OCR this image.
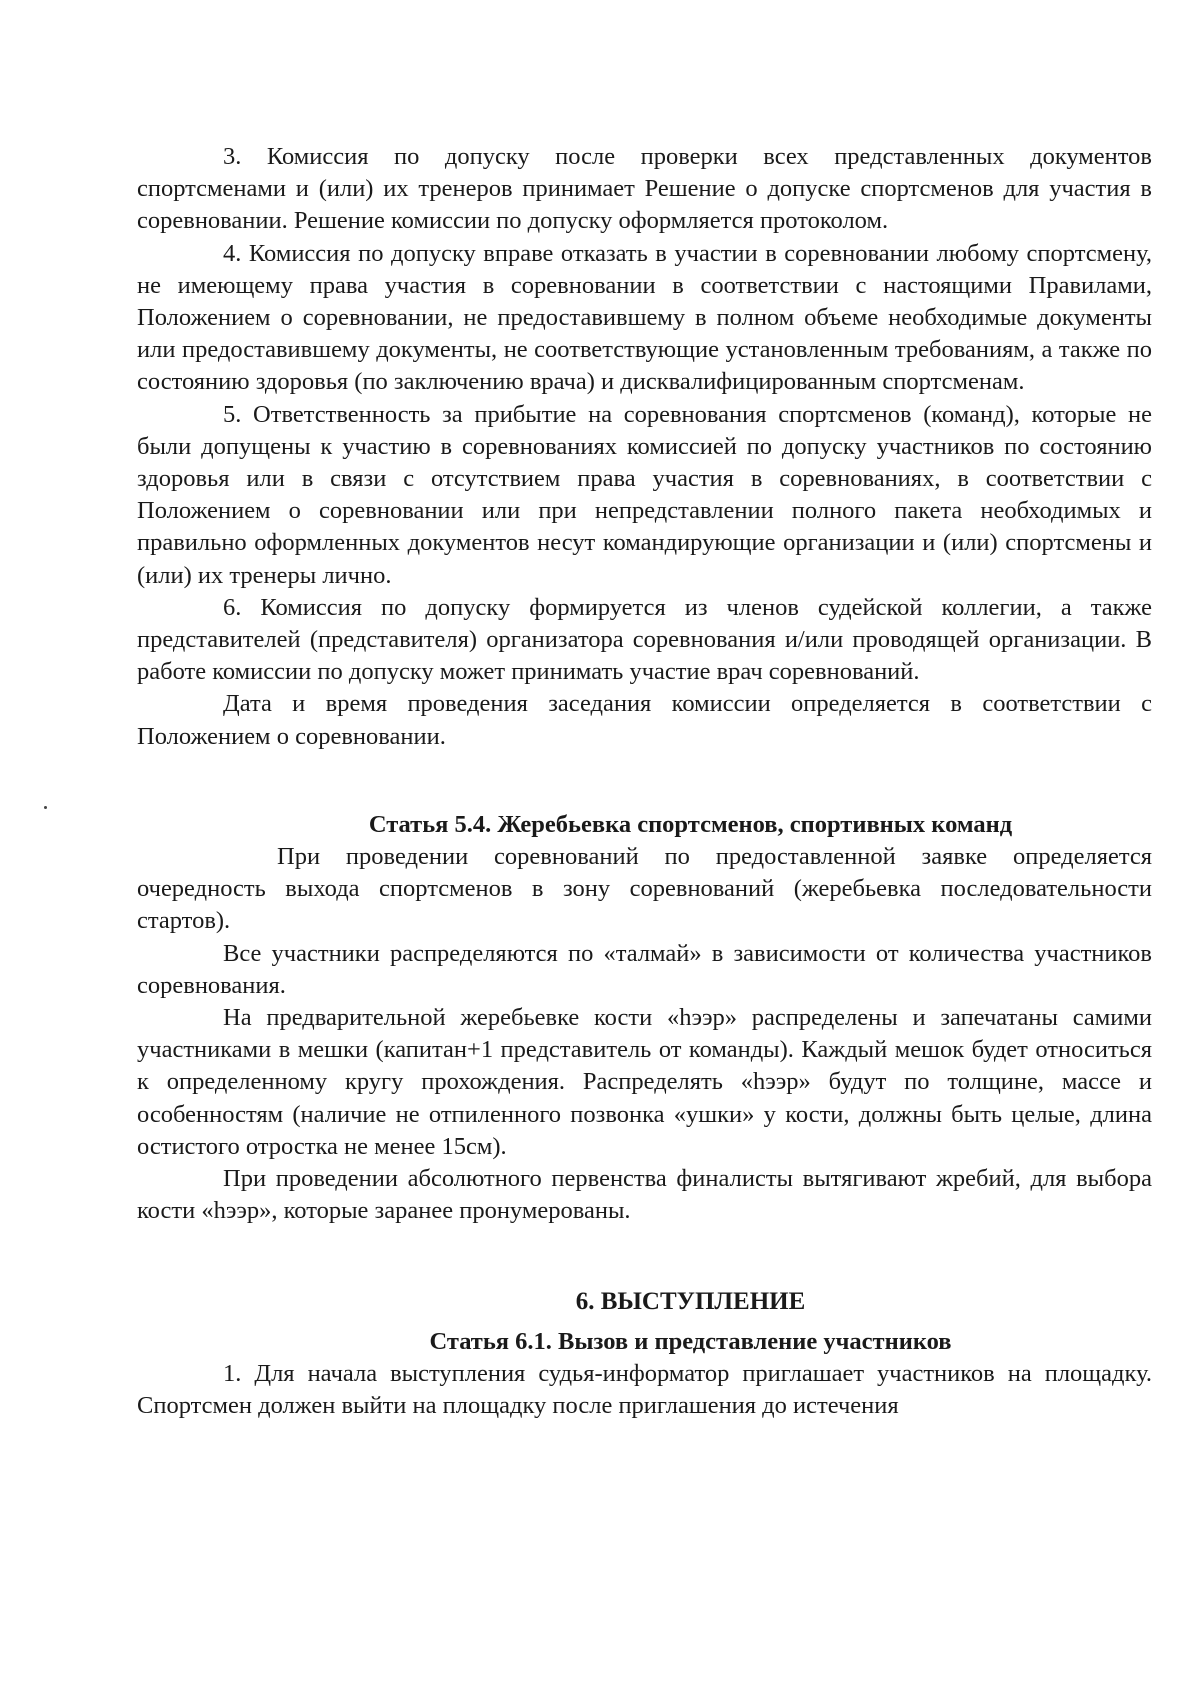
3. Комиссия по допуску после проверки всех представленных документов спортсменами и (или) их тренеров принимает Решение о допуске спортсменов для участия в соревновании. Решение комиссии по допуску оформляется протоколом.

4. Комиссия по допуску вправе отказать в участии в соревновании любому спортсмену, не имеющему права участия в соревновании в соответствии с настоящими Правилами, Положением о соревновании, не предоставившему в полном объеме необходимые документы или предоставившему документы, не соответствующие установленным требованиям, а также по состоянию здоровья (по заключению врача) и дисквалифицированным спортсменам.

5. Ответственность за прибытие на соревнования спортсменов (команд), которые не были допущены к участию в соревнованиях комиссией по допуску участников по состоянию здоровья или в связи с отсутствием права участия в соревнованиях, в соответствии с Положением о соревновании или при непредставлении полного пакета необходимых и правильно оформленных документов несут командирующие организации и (или) спортсмены и (или) их тренеры лично.

6. Комиссия по допуску формируется из членов судейской коллегии, а также представителей (представителя) организатора соревнования и/или проводящей организации. В работе комиссии по допуску может принимать участие врач соревнований.

Дата и время проведения заседания комиссии определяется в соответствии с Положением о соревновании.

Статья 5.4. Жеребьевка спортсменов, спортивных команд

При проведении соревнований по предоставленной заявке определяется очередность выхода спортсменов в зону соревнований (жеребьевка последовательности стартов).

Все участники распределяются по «талмай» в зависимости от количества участников соревнования.

На предварительной жеребьевке кости «һээр» распределены и запечатаны самими участниками в мешки (капитан+1 представитель от команды). Каждый мешок будет относиться к определенному кругу прохождения. Распределять «һээр» будут по толщине, массе и особенностям (наличие не отпиленного позвонка «ушки» у кости, должны быть целые, длина остистого отростка не менее 15см).

При проведении абсолютного первенства финалисты вытягивают жребий, для выбора кости «һээр», которые заранее пронумерованы.

6. ВЫСТУПЛЕНИЕ
Статья 6.1. Вызов и представление участников

1. Для начала выступления судья-информатор приглашает участников на площадку. Спортсмен должен выйти на площадку после приглашения до истечения
